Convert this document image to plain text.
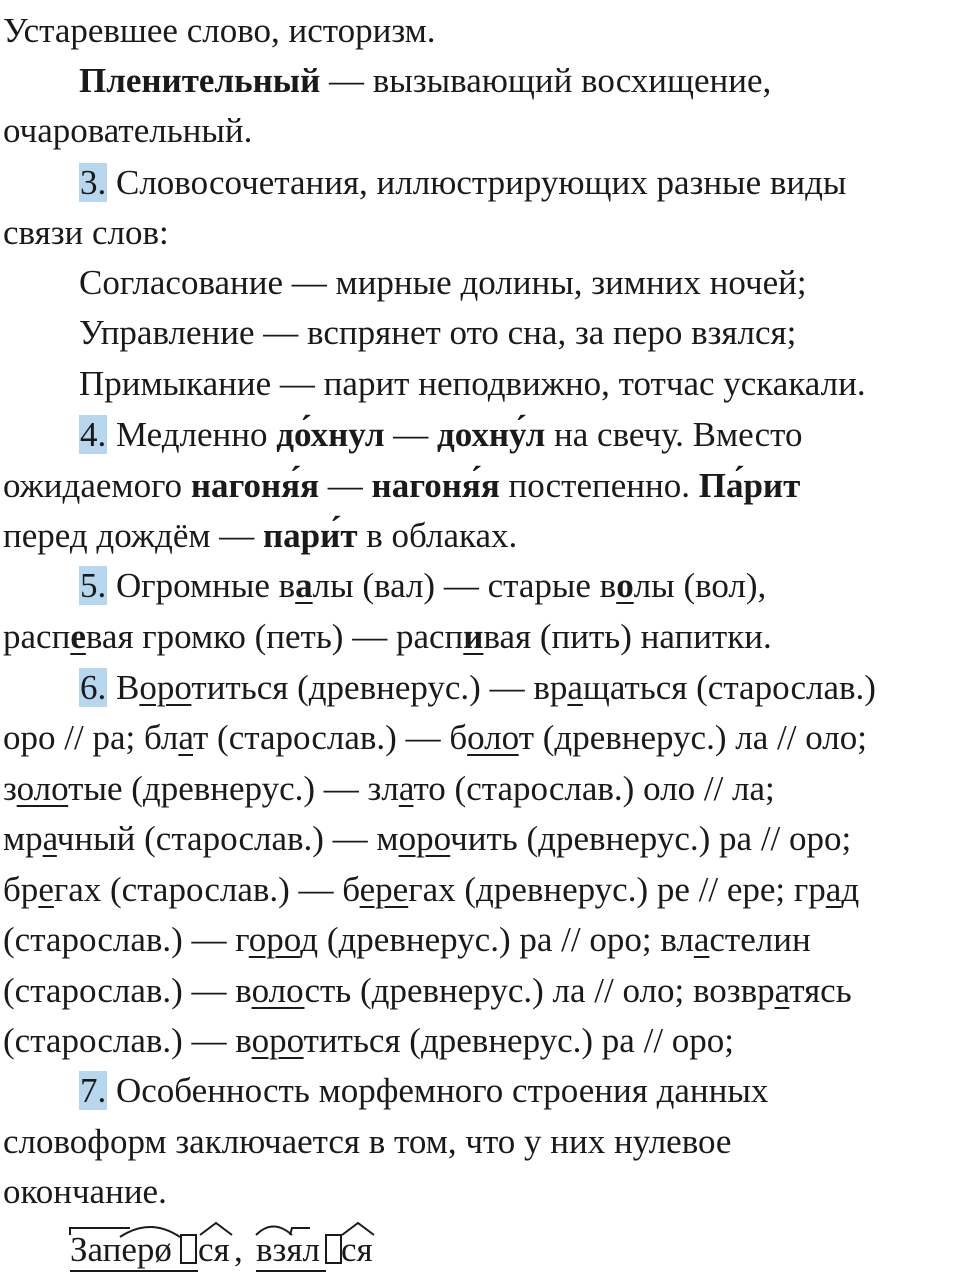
Устаревшее слово, историзм.
Пленительный — вызывающий восхищение,
очаровательный.
3. Словосочетания, иллюстрирующих разные виды
связи слов:
Согласование — мирные долины, зимних ночей;
Управление — вспрянет ото сна, за перо взялся;
Примыкание — парит неподвижно, тотчас ускакали.
4. Медленно до́хнул — дохну́л на свечу. Вместо
ожидаемого нагоня́я — нагоня́я постепенно. Па́рит
перед дождём — пари́т в облаках.
5. Огромные валы (вал) — старые волы (вол),
распевая громко (петь) — распивая (пить) напитки.
6. Воротиться (древнерус.) — вращаться (старослав.)
оро // ра; блат (старослав.) — болот (древнерус.) ла // оло;
золотые (древнерус.) — злато (старослав.) оло // ла;
мрачный (старослав.) — морочить (древнерус.) ра // оро;
брегах (старослав.) — берегах (древнерус.) ре // ере; град
(старослав.) — город (древнерус.) ра // оро; властелин
(старослав.) — волость (древнерус.) ла // оло; возвратясь
(старослав.) — воротиться (древнерус.) ра // оро;
7. Особенность морфемного строения данных
словоформ заключается в том, что у них нулевое
окончание.
Заперø ся , взял ся
